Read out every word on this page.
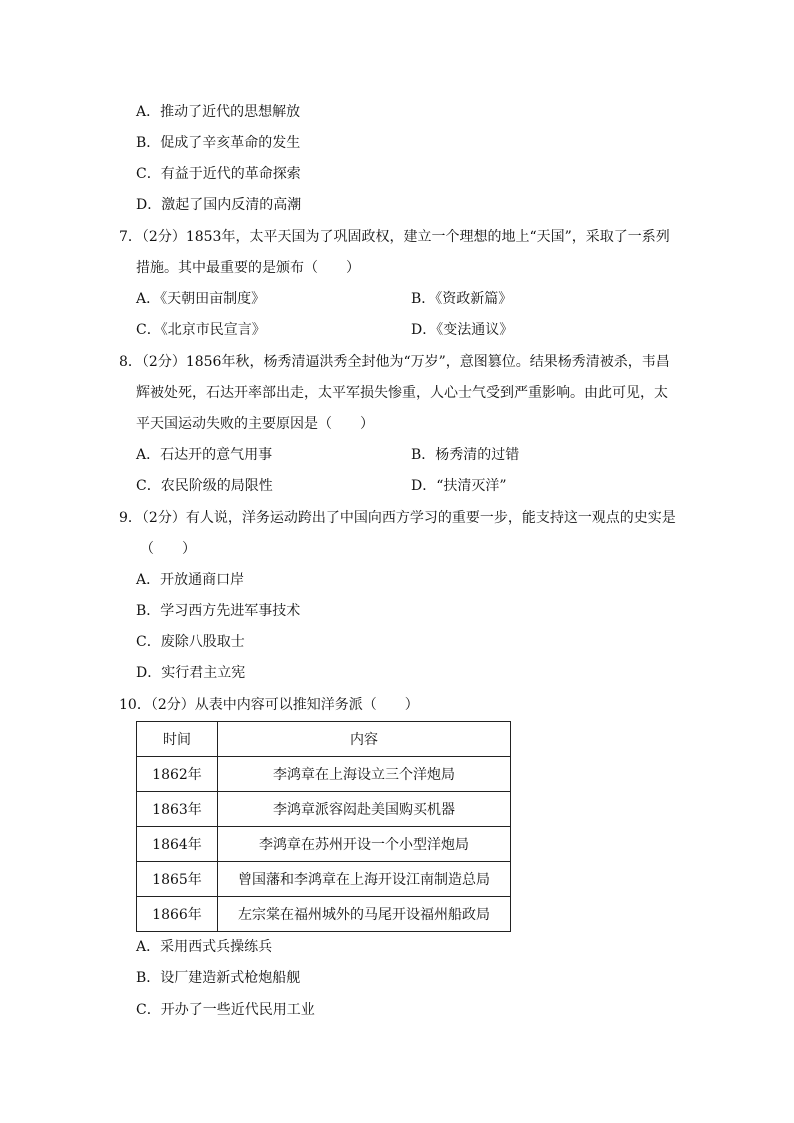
A．推动了近代的思想解放
B．促成了辛亥革命的发生
C．有益于近代的革命探索
D．激起了国内反清的高潮
7．（2分）1853年，太平天国为了巩固政权，建立一个理想的地上“天国”，采取了一系列
措施。其中最重要的是颁布（　　）
A．《天朝田亩制度》	B．《资政新篇》
C．《北京市民宣言》	D．《变法通议》
8．（2分）1856年秋，杨秀清逼洪秀全封他为“万岁”，意图篡位。结果杨秀清被杀，韦昌
辉被处死，石达开率部出走，太平军损失惨重，人心士气受到严重影响。由此可见，太
平天国运动失败的主要原因是（　　）
A．石达开的意气用事	B．杨秀清的过错
C．农民阶级的局限性	D．“扶清灭洋”
9．（2分）有人说，洋务运动跨出了中国向西方学习的重要一步，能支持这一观点的史实是
（　　）
A．开放通商口岸
B．学习西方先进军事技术
C．废除八股取士
D．实行君主立宪
10．（2分）从表中内容可以推知洋务派（　　）
时间	内容
1862年	李鸿章在上海设立三个洋炮局
1863年	李鸿章派容闳赴美国购买机器
1864年	李鸿章在苏州开设一个小型洋炮局
1865年	曾国藩和李鸿章在上海开设江南制造总局
1866年	左宗棠在福州城外的马尾开设福州船政局
A．采用西式兵操练兵
B．设厂建造新式枪炮船舰
C．开办了一些近代民用工业
